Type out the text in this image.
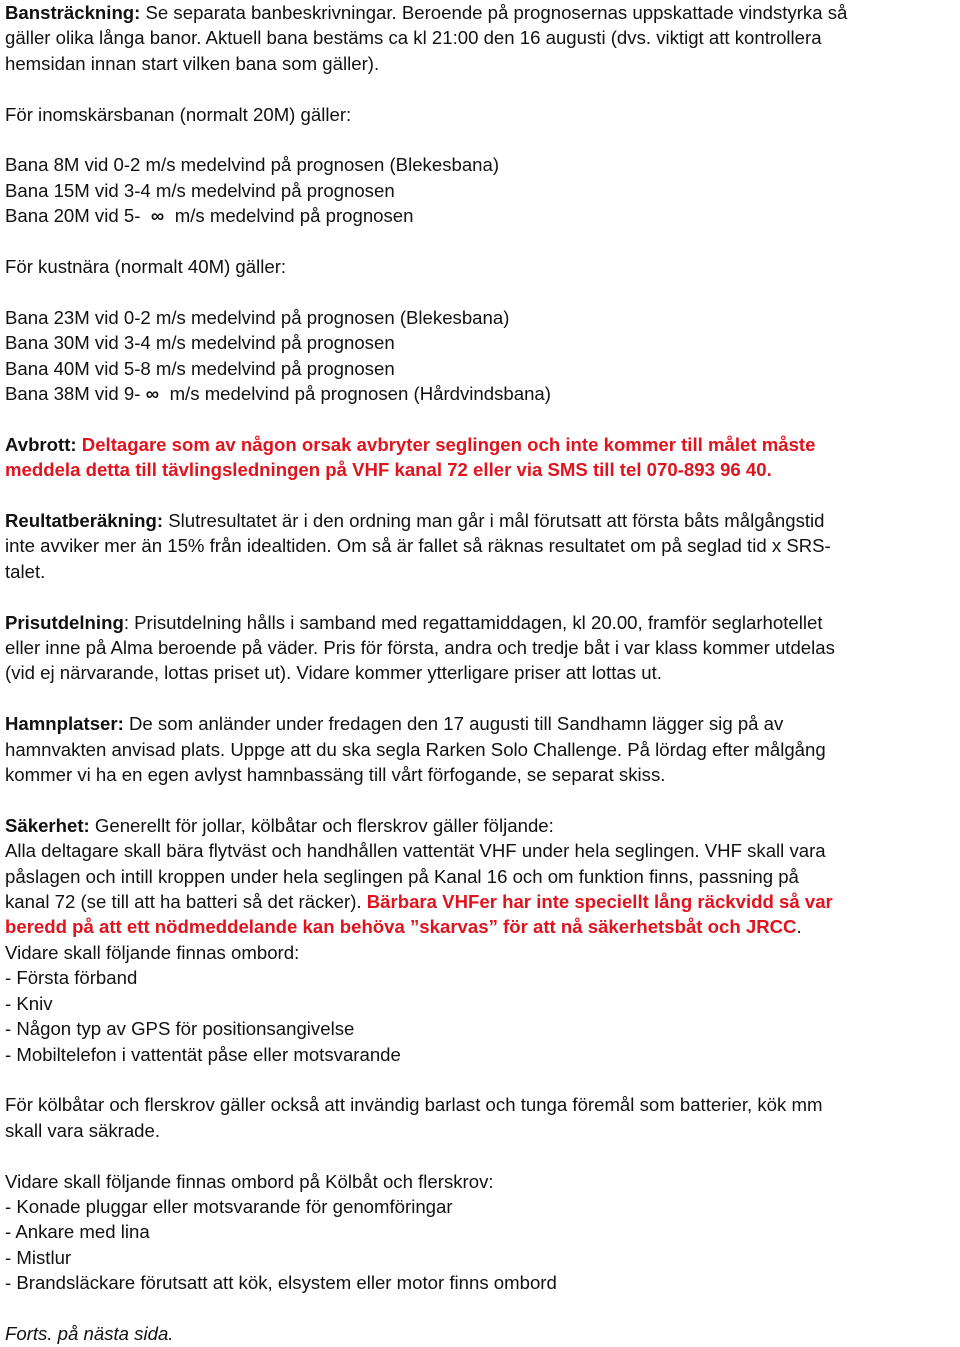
Bansträckning: Se separata banbeskrivningar. Beroende på prognosernas uppskattade vindstyrka så

gäller olika långa banor. Aktuell bana bestäms ca kl 21:00 den 16 augusti (dvs. viktigt att kontrollera

hemsidan innan start vilken bana som gäller).

För inomskärsbanan (normalt 20M) gäller:

Bana 8M vid 0-2 m/s medelvind på prognosen (Blekesbana)

Bana 15M vid 3-4 m/s medelvind på prognosen

Bana 20M vid 5- ∞ m/s medelvind på prognosen

För kustnära (normalt 40M) gäller:

Bana 23M vid 0-2 m/s medelvind på prognosen (Blekesbana)

Bana 30M vid 3-4 m/s medelvind på prognosen

Bana 40M vid 5-8 m/s medelvind på prognosen

Bana 38M vid 9- ∞ m/s medelvind på prognosen (Hårdvindsbana)

Avbrott: Deltagare som av någon orsak avbryter seglingen och inte kommer till målet måste

meddela detta till tävlingsledningen på VHF kanal 72 eller via SMS till tel 070-893 96 40.

Reultatberäkning: Slutresultatet är i den ordning man går i mål förutsatt att första båts målgångstid

inte avviker mer än 15% från idealtiden. Om så är fallet så räknas resultatet om på seglad tid x SRS-

talet.

Prisutdelning: Prisutdelning hålls i samband med regattamiddagen, kl 20.00, framför seglarhotellet

eller inne på Alma beroende på väder. Pris för första, andra och tredje båt i var klass kommer utdelas

(vid ej närvarande, lottas priset ut). Vidare kommer ytterligare priser att lottas ut.

Hamnplatser: De som anländer under fredagen den 17 augusti till Sandhamn lägger sig på av

hamnvakten anvisad plats. Uppge att du ska segla Rarken Solo Challenge. På lördag efter målgång

kommer vi ha en egen avlyst hamnbassäng till vårt förfogande, se separat skiss.

Säkerhet: Generellt för jollar, kölbåtar och flerskrov gäller följande:

Alla deltagare skall bära flytväst och handhållen vattentät VHF under hela seglingen. VHF skall vara

påslagen och intill kroppen under hela seglingen på Kanal 16 och om funktion finns, passning på

kanal 72 (se till att ha batteri så det räcker). Bärbara VHFer har inte speciellt lång räckvidd så var

beredd på att ett nödmeddelande kan behöva ”skarvas” för att nå säkerhetsbåt och JRCC.

Vidare skall följande finnas ombord:

- Första förband

- Kniv

- Någon typ av GPS för positionsangivelse

- Mobiltelefon i vattentät påse eller motsvarande

För kölbåtar och flerskrov gäller också att invändig barlast och tunga föremål som batterier, kök mm

skall vara säkrade.

Vidare skall följande finnas ombord på Kölbåt och flerskrov:

- Konade pluggar eller motsvarande för genomföringar

- Ankare med lina

- Mistlur

- Brandsläckare förutsatt att kök, elsystem eller motor finns ombord

Forts. på nästa sida.
